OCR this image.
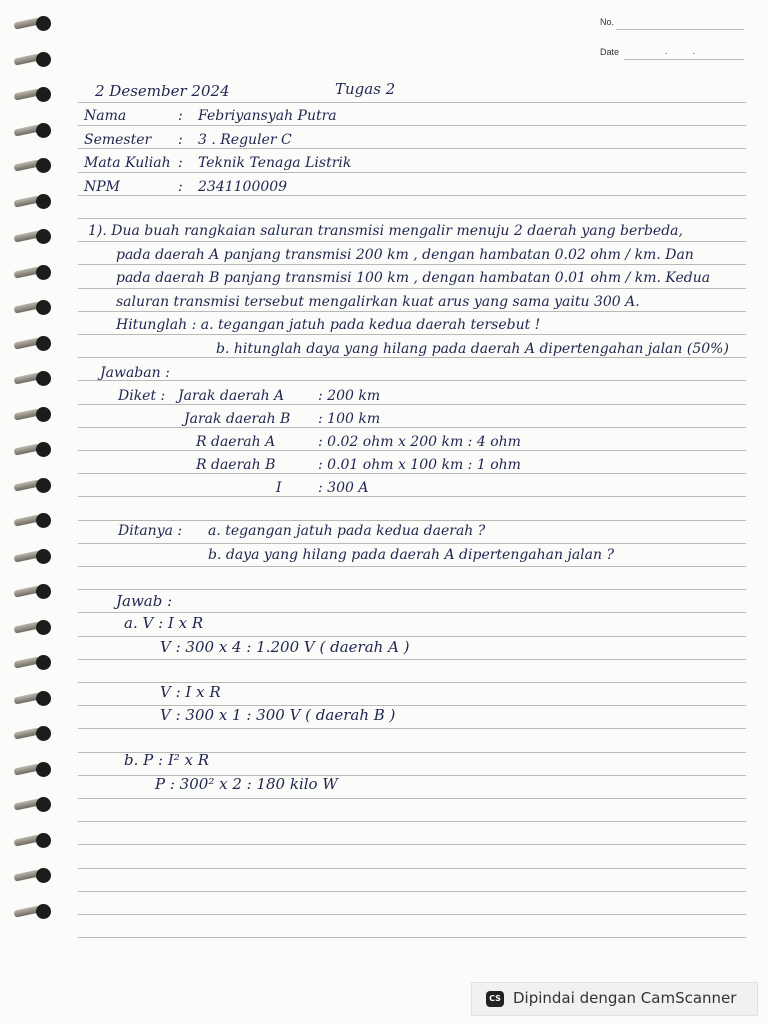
No.
Date	.          .
2 Desember 2024	Tugas 2
Nama	: Febriyansyah Putra
Semester : 3 . Reguler C
Mata Kuliah : Teknik Tenaga Listrik
NPM	: 2341100009
1). Dua buah rangkaian saluran transmisi mengalir menuju 2 daerah yang berbeda,
pada daerah A panjang transmisi 200 km , dengan hambatan 0.02 ohm / km. Dan
pada daerah B panjang transmisi 100 km , dengan hambatan 0.01 ohm / km. Kedua
saluran transmisi tersebut mengalirkan kuat arus yang sama yaitu 300 A.
Hitunglah : a. tegangan jatuh pada kedua daerah tersebut !
b. hitunglah daya yang hilang pada daerah A dipertengahan jalan (50%)
Jawaban :
Diket : Jarak daerah A : 200 km
Jarak daerah B : 100 km
R daerah A	: 0.02 ohm x 200 km : 4 ohm
R daerah B	: 0.01 ohm x 100 km : 1 ohm
I	: 300 A
Ditanya : a. tegangan jatuh pada kedua daerah ?
b. daya yang hilang pada daerah A dipertengahan jalan ?
Jawab :
a. V : I x R
V : 300 x 4 : 1.200 V ( daerah A )
V : I x R
V : 300 x 1 : 300 V ( daerah B )
b. P : I² x R
P : 300² x 2 : 180 kilo W
CS Dipindai dengan CamScanner
